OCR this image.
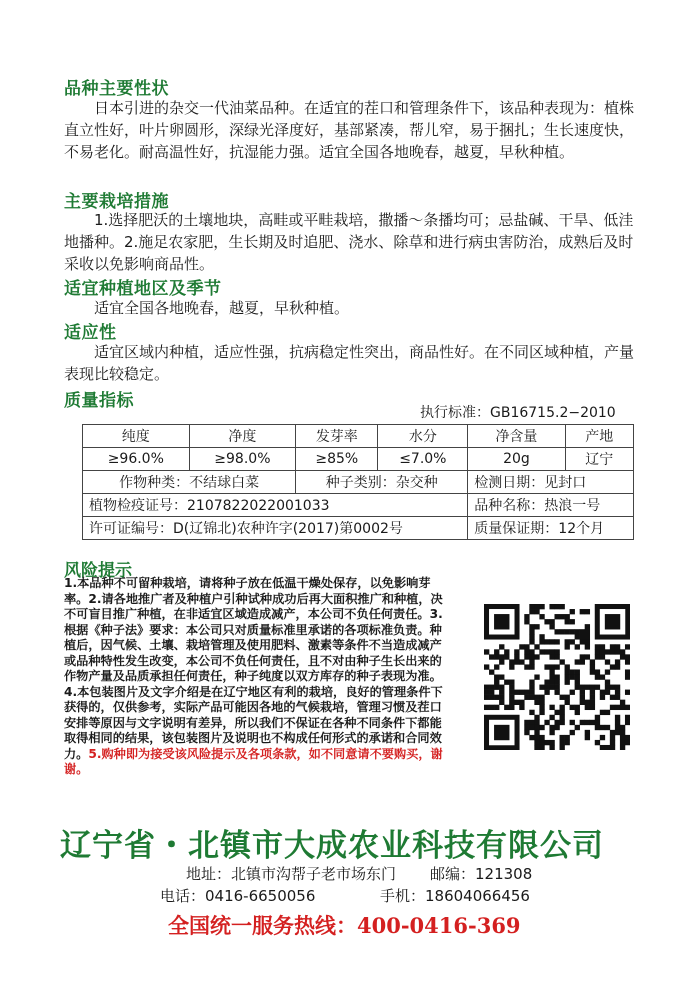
品种主要性状

日本引进的杂交一代油菜品种。在适宜的茬口和管理条件下，该品种表现为：植株直立性好，叶片卵圆形，深绿光泽度好，基部紧凑，帮儿窄，易于捆扎；生长速度快，不易老化。耐高温性好，抗湿能力强。适宜全国各地晚春，越夏，早秋种植。

主要栽培措施

1.选择肥沃的土壤地块，高畦或平畦栽培，撒播～条播均可；忌盐碱、干旱、低洼地播种。2.施足农家肥，生长期及时追肥、浇水、除草和进行病虫害防治，成熟后及时采收以免影响商品性。

适宜种植地区及季节

适宜全国各地晚春，越夏，早秋种植。

适应性

适宜区域内种植，适应性强，抗病稳定性突出，商品性好。在不同区域种植，产量表现比较稳定。

质量指标
执行标准：GB16715.2−2010
纯度	净度	发芽率	水分	净含量	产地
≥96.0%	≥98.0%	≥85%	≤7.0%	20g	辽宁
作物种类：不结球白菜		种子类别：杂交种		检测日期：见封口	
植物检疫证号：2107822022001033				品种名称：热浪一号	
许可证编号：D(辽锦北)农种许字(2017)第0002号				质量保证期：12个月	
风险提示

1.本品种不可留种栽培，请将种子放在低温干燥处保存，以免影响芽率。2.请各地推广者及种植户引种试种成功后再大面积推广和种植，决不可盲目推广种植，在非适宜区域造成减产，本公司不负任何责任。3.根据《种子法》要求：本公司只对质量标准里承诺的各项标准负责。种植后，因气候、土壤、栽培管理及使用肥料、激素等条件不当造成减产或品种特性发生改变，本公司不负任何责任，且不对由种子生长出来的作物产量及品质承担任何责任，种子纯度以双方库存的种子表现为准。4.本包装图片及文字介绍是在辽宁地区有利的栽培，良好的管理条件下获得的，仅供参考，实际产品可能因各地的气候栽培，管理习惯及茬口安排等原因与文字说明有差异，所以我们不保证在各种不同条件下都能取得相同的结果，该包装图片及说明也不构成任何形式的承诺和合同效力。5.购种即为接受该风险提示及各项条款，如不同意请不要购买，谢谢。

辽宁省・北镇市大成农业科技有限公司
地址：北镇市沟帮子老市场东门 邮编：121308
电话：0416-6650056	手机：18604066456
全国统一服务热线：400-0416-369
